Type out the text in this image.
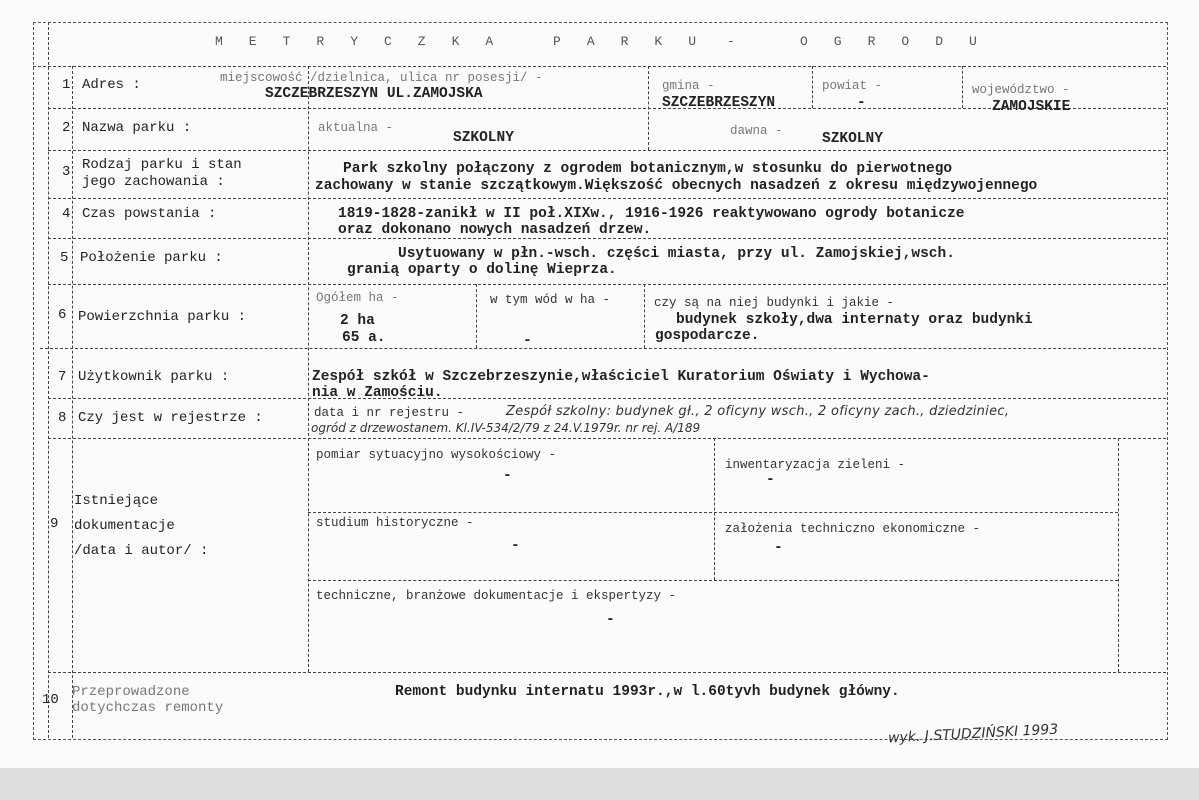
METRYCZKA PARKU -	OGRODU
1 Adres :	miejscowość /dzielnica, ulica nr posesji/ -
SZCZEBRZESZYN UL.ZAMOJSKA	gmina -
SZCZEBRZESZYN
powiat -
-
województwo -
ZAMOJSKIE
2 Nazwa parku :	aktualna -
SZKOLNY	dawna -	SZKOLNY
3 Rodzaj parku i stan
jego zachowania :
Park szkolny połączony z ogrodem botanicznym,w stosunku do pierwotnego
zachowany w stanie szczątkowym.Większość obecnych nasadzeń z okresu międzywojennego
4 Czas powstania :	1819-1828-zanikł w II poł.XIXw., 1916-1926 reaktywowano ogrody botanicze
oraz dokonano nowych nasadzeń drzew.
5 Położenie parku :	Usytuowany w płn.-wsch. części miasta, przy ul. Zamojskiej,wsch.
granią oparty o dolinę Wieprza.
6 Powierzchnia parku :
Ogółem ha -
2 ha
65 a.
w tym wód w ha -
-
czy są na niej budynki i jakie -
budynek szkoły,dwa internaty oraz budynki
gospodarcze.
7 Użytkownik parku :	Zespół szkół w Szczebrzeszynie,właściciel Kuratorium Oświaty i Wychowa-
nia w Zamościu.
8 Czy jest w rejestrze :	data i nr rejestru -	Zespół szkolny: budynek gł., 2 oficyny wsch., 2 oficyny zach., dziedziniec,
ogród z drzewostanem. Kl.IV-534/2/79 z 24.V.1979r. nr rej. A/189
9
Istniejące
dokumentacje
/data i autor/ :
pomiar sytuacyjno wysokościowy -
-
inwentaryzacja zieleni -
-
studium historyczne -
-
założenia techniczno ekonomiczne -
-
techniczne, branżowe dokumentacje i ekspertyzy -
-
10 Przeprowadzone
dotychczas remonty
Remont budynku internatu 1993r.,w l.60tyvh budynek główny.
wyk. J.STUDZIŃSKI 1993
